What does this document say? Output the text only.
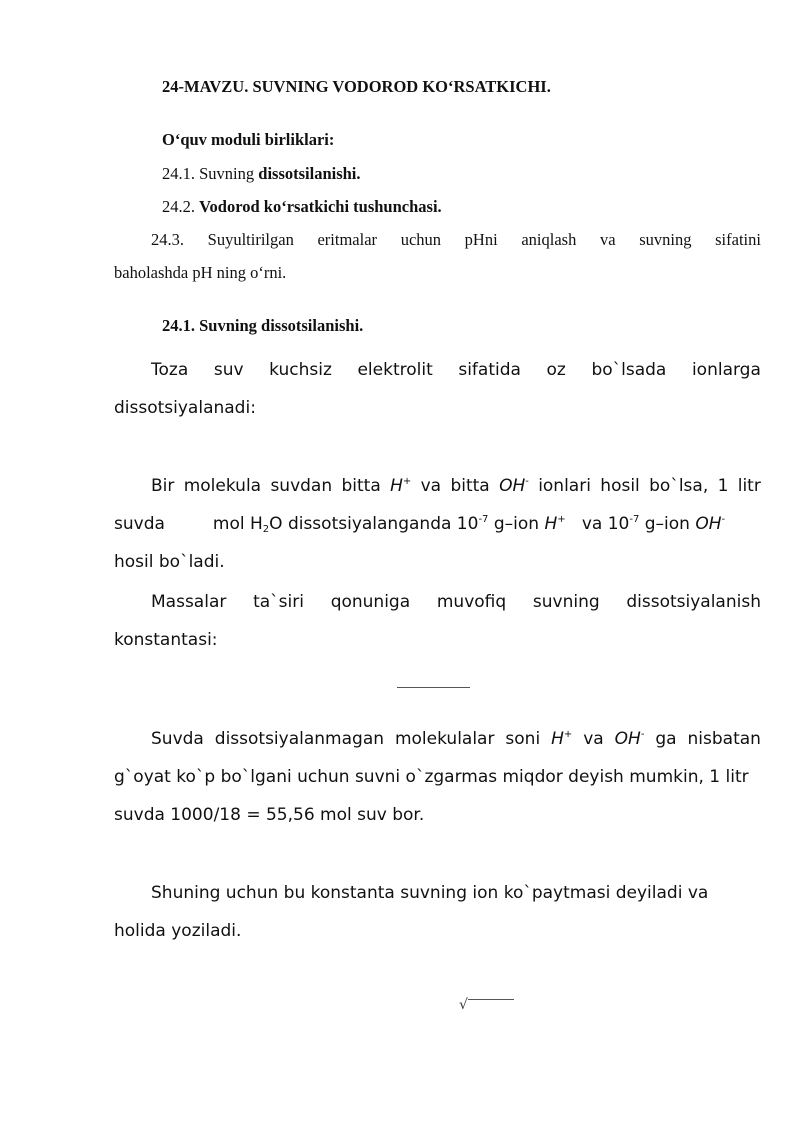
24-MAVZU. SUVNING VODOROD KO‘RSATKICHI.
O‘quv moduli birliklari:
24.1. Suvning dissotsilanishi.
24.2. Vodorod ko‘rsatkichi tushunchasi.
24.3. Suyultirilgan eritmalar uchun pHni aniqlash va suvning sifatini
baholashda pH ning o‘rni.
24.1. Suvning dissotsilanishi.
Toza suv kuchsiz elektrolit sifatida oz bo`lsada ionlarga
dissotsiyalanadi:
Bir molekula suvdan bitta H+ va bitta OH- ionlari hosil bo`lsa, 1 litr
suvda	mol $H_2O$ dissotsiyalanganda $10^{-7}$ g–ion H+ va $10^{-7}$ g–ion OH-
hosil bo`ladi.
Massalar ta`siri qonuniga muvofiq suvning dissotsiyalanish
konstantasi:
Suvda dissotsiyalanmagan molekulalar soni H+ va OH- ga nisbatan
g`oyat ko`p bo`lgani uchun suvni o`zgarmas miqdor deyish mumkin, 1 litr
suvda 1000/18 = 55,56 mol suv bor.
Shuning uchun bu konstanta suvning ion ko`paytmasi deyiladi va
holida yoziladi.
√
